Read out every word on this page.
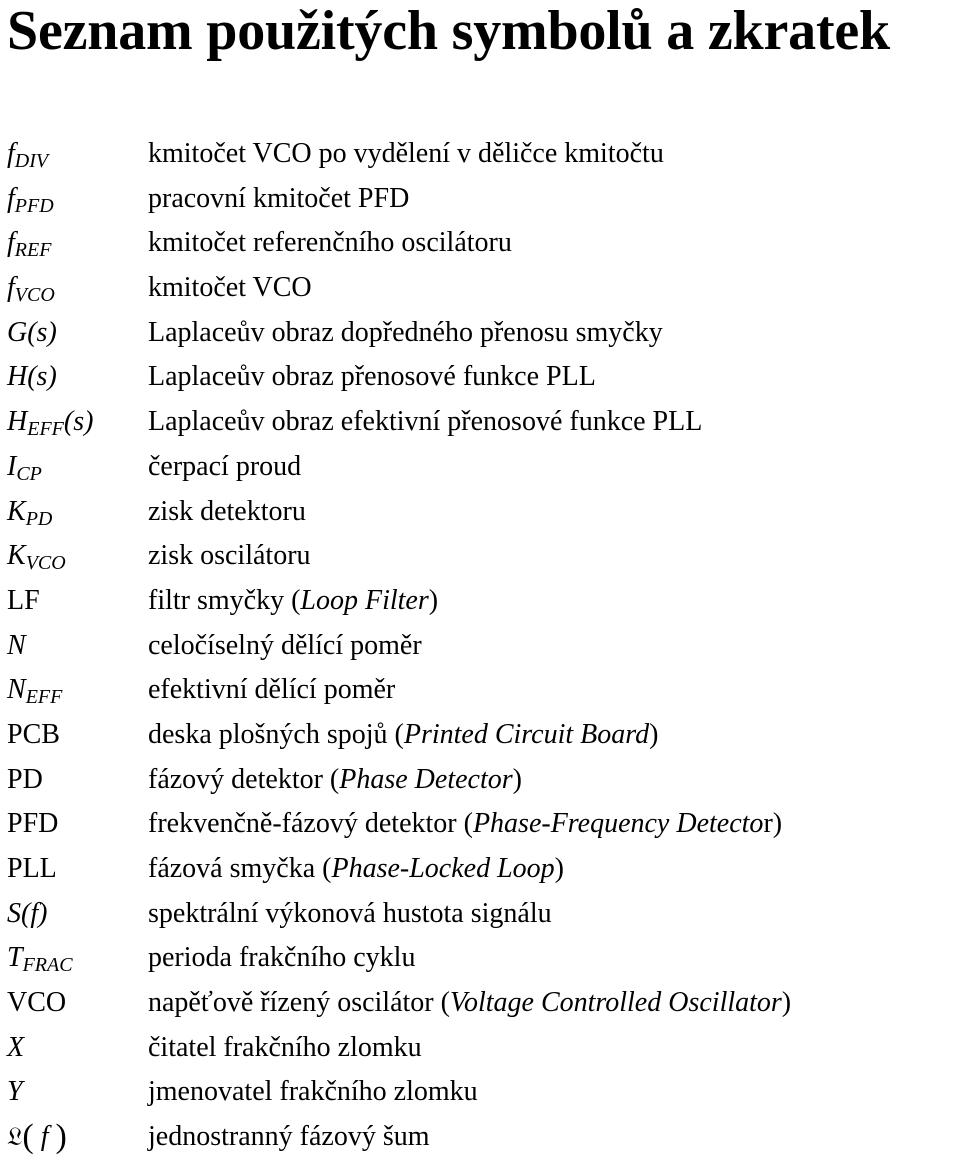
Seznam použitých symbolů a zkratek
$f_{DIV}$	kmitočet VCO po vydělení v děličce kmitočtu
$f_{PFD}$	pracovní kmitočet PFD
$f_{REF}$	kmitočet referenčního oscilátoru
$f_{VCO}$	kmitočet VCO
G(s)	Laplaceův obraz dopředného přenosu smyčky
H(s)	Laplaceův obraz přenosové funkce PLL
$H_{EFF}(s)$ Laplaceův obraz efektivní přenosové funkce PLL
$I_{CP}$	čerpací proud
$K_{PD}$	zisk detektoru
$K_{VCO}$	zisk oscilátoru
LF	filtr smyčky (Loop Filter)
N	celočíselný dělící poměr
$N_{EFF}$	efektivní dělící poměr
PCB	deska plošných spojů (Printed Circuit Board)
PD	fázový detektor (Phase Detector)
PFD	frekvenčně-fázový detektor (Phase-Frequency Detector)
PLL	fázová smyčka (Phase-Locked Loop)
S(f)	spektrální výkonová hustota signálu
$T_{FRAC}$	perioda frakčního cyklu
VCO	napěťově řízený oscilátor (Voltage Controlled Oscillator)
X	čitatel frakčního zlomku
Y	jmenovatel frakčního zlomku
𝔏( f )	jednostranný fázový šum
